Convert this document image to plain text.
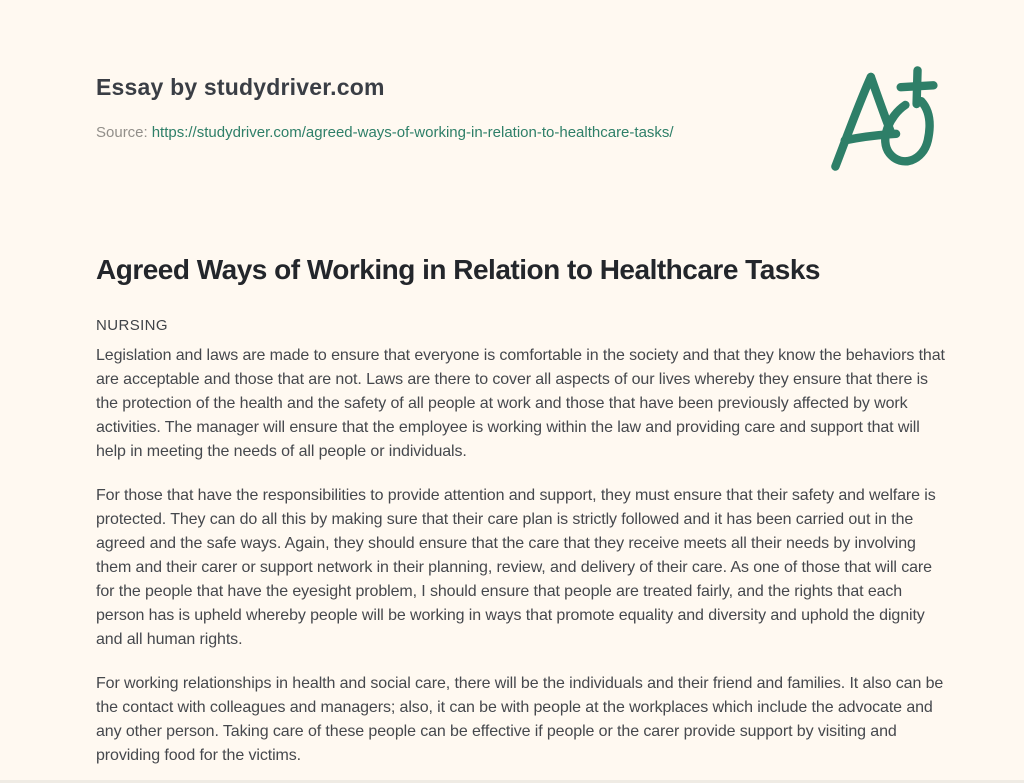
Essay by studydriver.com

Source: https://studydriver.com/agreed-ways-of-working-in-relation-to-healthcare-tasks/

Agreed Ways of Working in Relation to Healthcare Tasks
NURSING

Legislation and laws are made to ensure that everyone is comfortable in the society and that they know the behaviors that are acceptable and those that are not. Laws are there to cover all aspects of our lives whereby they ensure that there is the protection of the health and the safety of all people at work and those that have been previously affected by work activities. The manager will ensure that the employee is working within the law and providing care and support that will help in meeting the needs of all people or individuals.

For those that have the responsibilities to provide attention and support, they must ensure that their safety and welfare is protected. They can do all this by making sure that their care plan is strictly followed and it has been carried out in the agreed and the safe ways. Again, they should ensure that the care that they receive meets all their needs by involving them and their carer or support network in their planning, review, and delivery of their care. As one of those that will care for the people that have the eyesight problem, I should ensure that people are treated fairly, and the rights that each person has is upheld whereby people will be working in ways that promote equality and diversity and uphold the dignity and all human rights.

For working relationships in health and social care, there will be the individuals and their friend and families. It also can be the contact with colleagues and managers; also, it can be with people at the workplaces which include the advocate and any other person. Taking care of these people can be effective if people or the carer provide support by visiting and providing food for the victims.
